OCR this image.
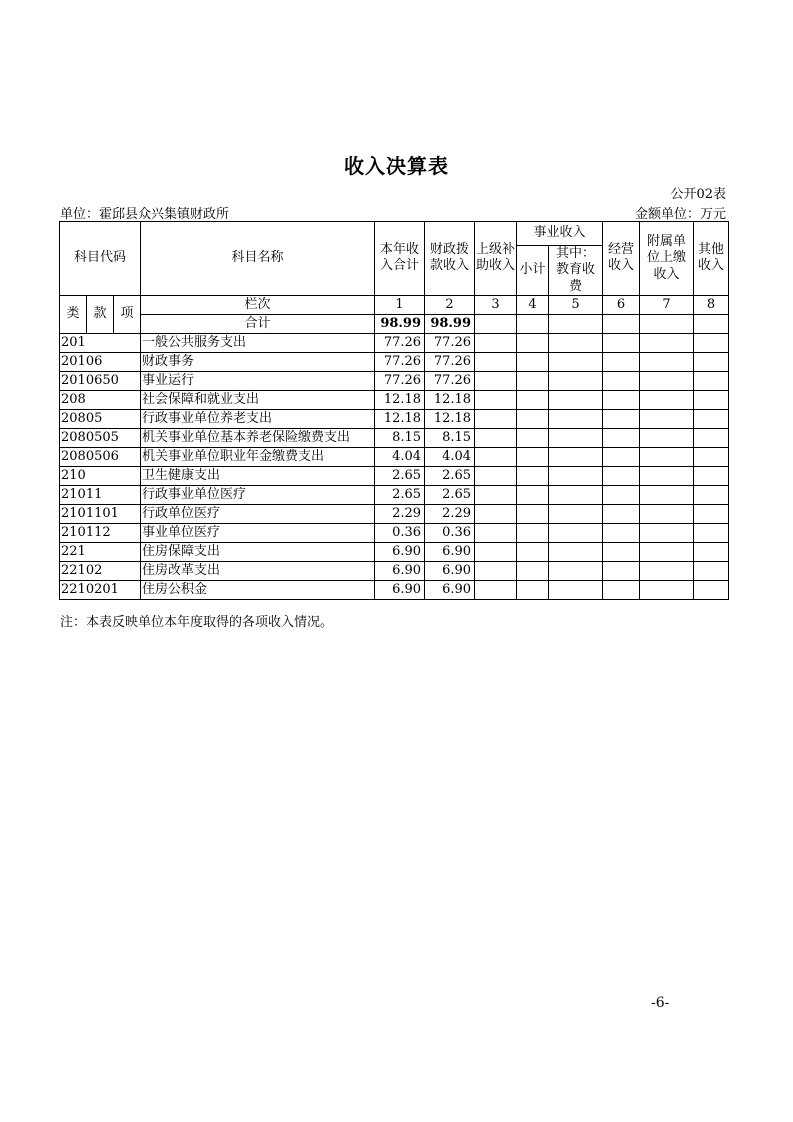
收入决算表
公开02表
单位：霍邱县众兴集镇财政所	金额单位：万元
科目代码			科目名称	本年收入合计	财政拨款收入	上级补助收入	事业收入		经营收入	附属单位上缴收入	其他收入
							小计	其中：教育收费			

类	款	项	栏次	1	2	3	4	5	6	7	8
			合计	98.99	98.99						
201			一般公共服务支出	77.26	77.26						
20106			财政事务	77.26	77.26						
2010650			事业运行	77.26	77.26						
208			社会保障和就业支出	12.18	12.18						
20805			行政事业单位养老支出	12.18	12.18						
2080505			机关事业单位基本养老保险缴费支出	8.15	8.15						
2080506			机关事业单位职业年金缴费支出	4.04	4.04						
210			卫生健康支出	2.65	2.65						
21011			行政事业单位医疗	2.65	2.65						
2101101			行政单位医疗	2.29	2.29						
210112			事业单位医疗	0.36	0.36						
221			住房保障支出	6.90	6.90						
22102			住房改革支出	6.90	6.90						
2210201			住房公积金	6.90	6.90						
注：本表反映单位本年度取得的各项收入情况。
-6-
